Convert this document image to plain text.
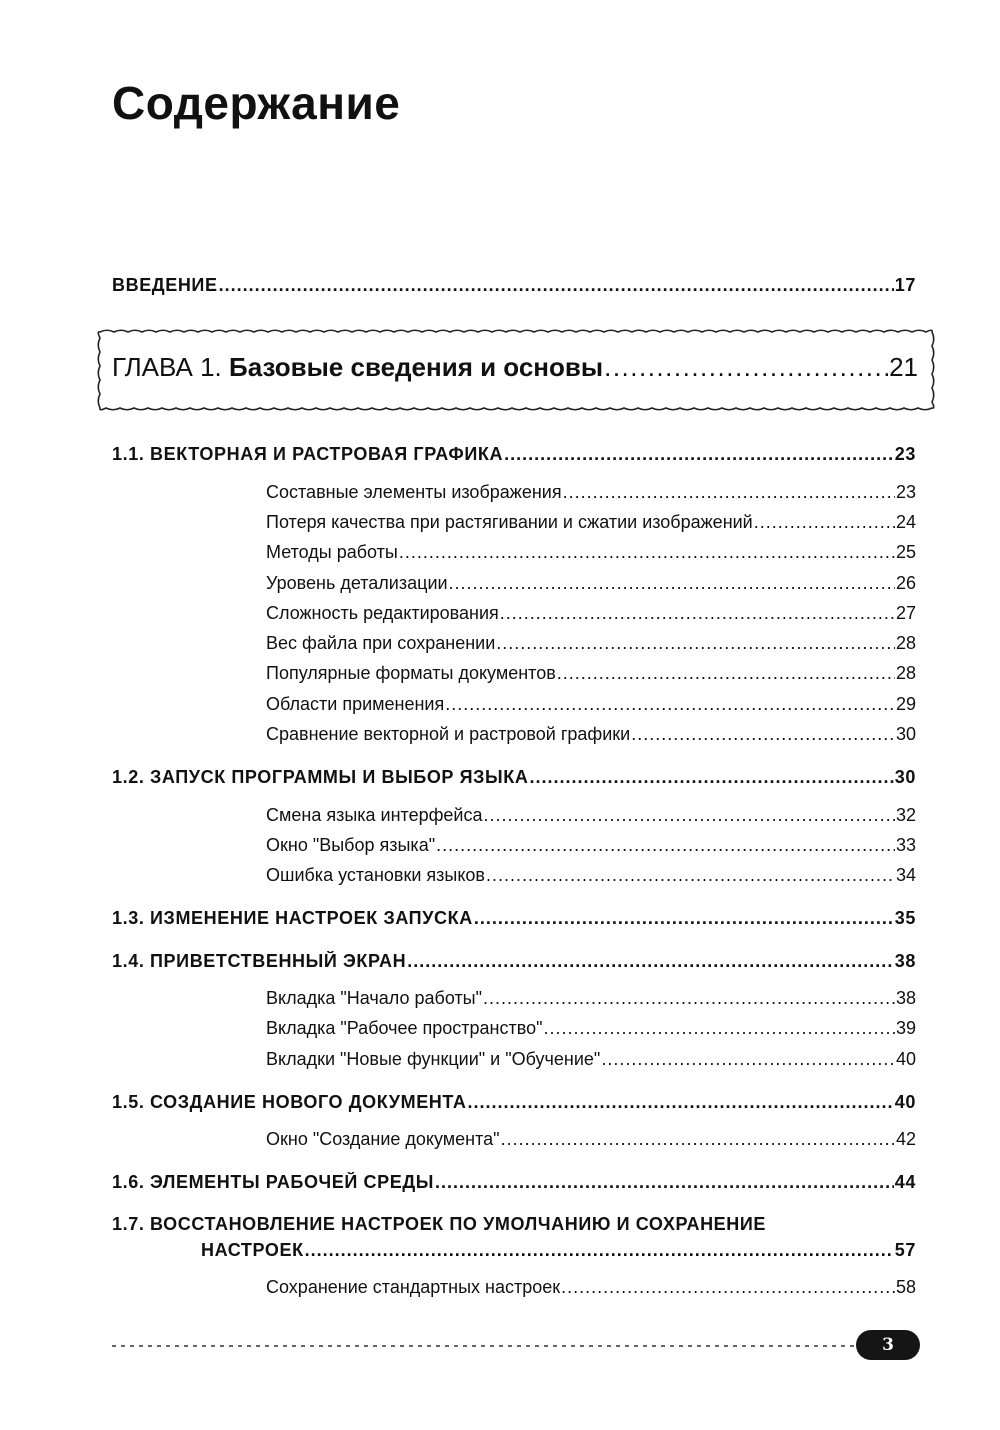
Содержание
ВВЕДЕНИЕ .....	17
ГЛАВА 1. Базовые сведения и основы .....	21
1.1. ВЕКТОРНАЯ И РАСТРОВАЯ ГРАФИКА .....	23
Составные элементы изображения .....	23
Потеря качества при растягивании и сжатии изображений .....	24
Методы работы .....	25
Уровень детализации .....	26
Сложность редактирования .....	27
Вес файла при сохранении .....	28
Популярные форматы документов .....	28
Области применения .....	29
Сравнение векторной и растровой графики .....	30
1.2. ЗАПУСК ПРОГРАММЫ И ВЫБОР ЯЗЫКА .....	30
Смена языка интерфейса .....	32
Окно "Выбор языка" .....	33
Ошибка установки языков .....	34
1.3. ИЗМЕНЕНИЕ НАСТРОЕК ЗАПУСКА .....	35
1.4. ПРИВЕТСТВЕННЫЙ ЭКРАН .....	38
Вкладка "Начало работы" .....	38
Вкладка "Рабочее пространство" .....	39
Вкладки "Новые функции" и "Обучение" .....	40
1.5. СОЗДАНИЕ НОВОГО ДОКУМЕНТА .....	40
Окно "Создание документа" .....	42
1.6. ЭЛЕМЕНТЫ РАБОЧЕЙ СРЕДЫ .....	44
1.7. ВОССТАНОВЛЕНИЕ НАСТРОЕК ПО УМОЛЧАНИЮ И СОХРАНЕНИЕ
НАСТРОЕК .....	57
Сохранение стандартных настроек .....	58
3
